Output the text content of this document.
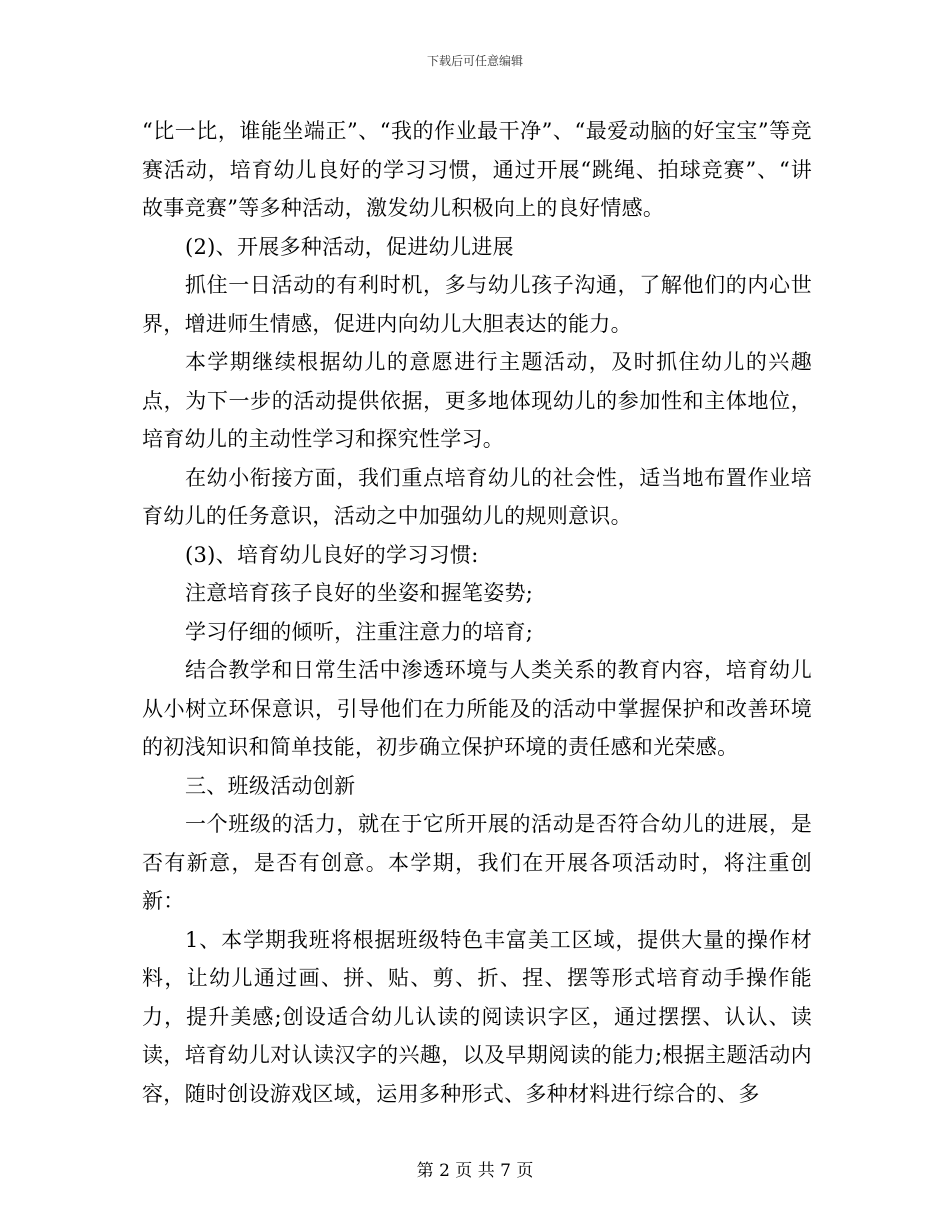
下载后可任意编辑

“比一比，谁能坐端正”、“我的作业最干净”、“最爱动脑的好宝宝”等竞赛活动，培育幼儿良好的学习习惯，通过开展“跳绳、拍球竞赛”、“讲故事竞赛”等多种活动，激发幼儿积极向上的良好情感。

(2)、开展多种活动，促进幼儿进展

抓住一日活动的有利时机，多与幼儿孩子沟通，了解他们的内心世界，增进师生情感，促进内向幼儿大胆表达的能力。

本学期继续根据幼儿的意愿进行主题活动，及时抓住幼儿的兴趣点，为下一步的活动提供依据，更多地体现幼儿的参加性和主体地位，培育幼儿的主动性学习和探究性学习。

在幼小衔接方面，我们重点培育幼儿的社会性，适当地布置作业培育幼儿的任务意识，活动之中加强幼儿的规则意识。

(3)、培育幼儿良好的学习习惯:

注意培育孩子良好的坐姿和握笔姿势;

学习仔细的倾听，注重注意力的培育;

结合教学和日常生活中渗透环境与人类关系的教育内容，培育幼儿从小树立环保意识，引导他们在力所能及的活动中掌握保护和改善环境的初浅知识和简单技能，初步确立保护环境的责任感和光荣感。

三、班级活动创新

一个班级的活力，就在于它所开展的活动是否符合幼儿的进展，是否有新意，是否有创意。本学期，我们在开展各项活动时，将注重创新：

1、本学期我班将根据班级特色丰富美工区域，提供大量的操作材料，让幼儿通过画、拼、贴、剪、折、捏、摆等形式培育动手操作能力，提升美感;创设适合幼儿认读的阅读识字区，通过摆摆、认认、读读，培育幼儿对认读汉字的兴趣，以及早期阅读的能力;根据主题活动内容，随时创设游戏区域，运用多种形式、多种材料进行综合的、多

第 2 页 共 7 页
